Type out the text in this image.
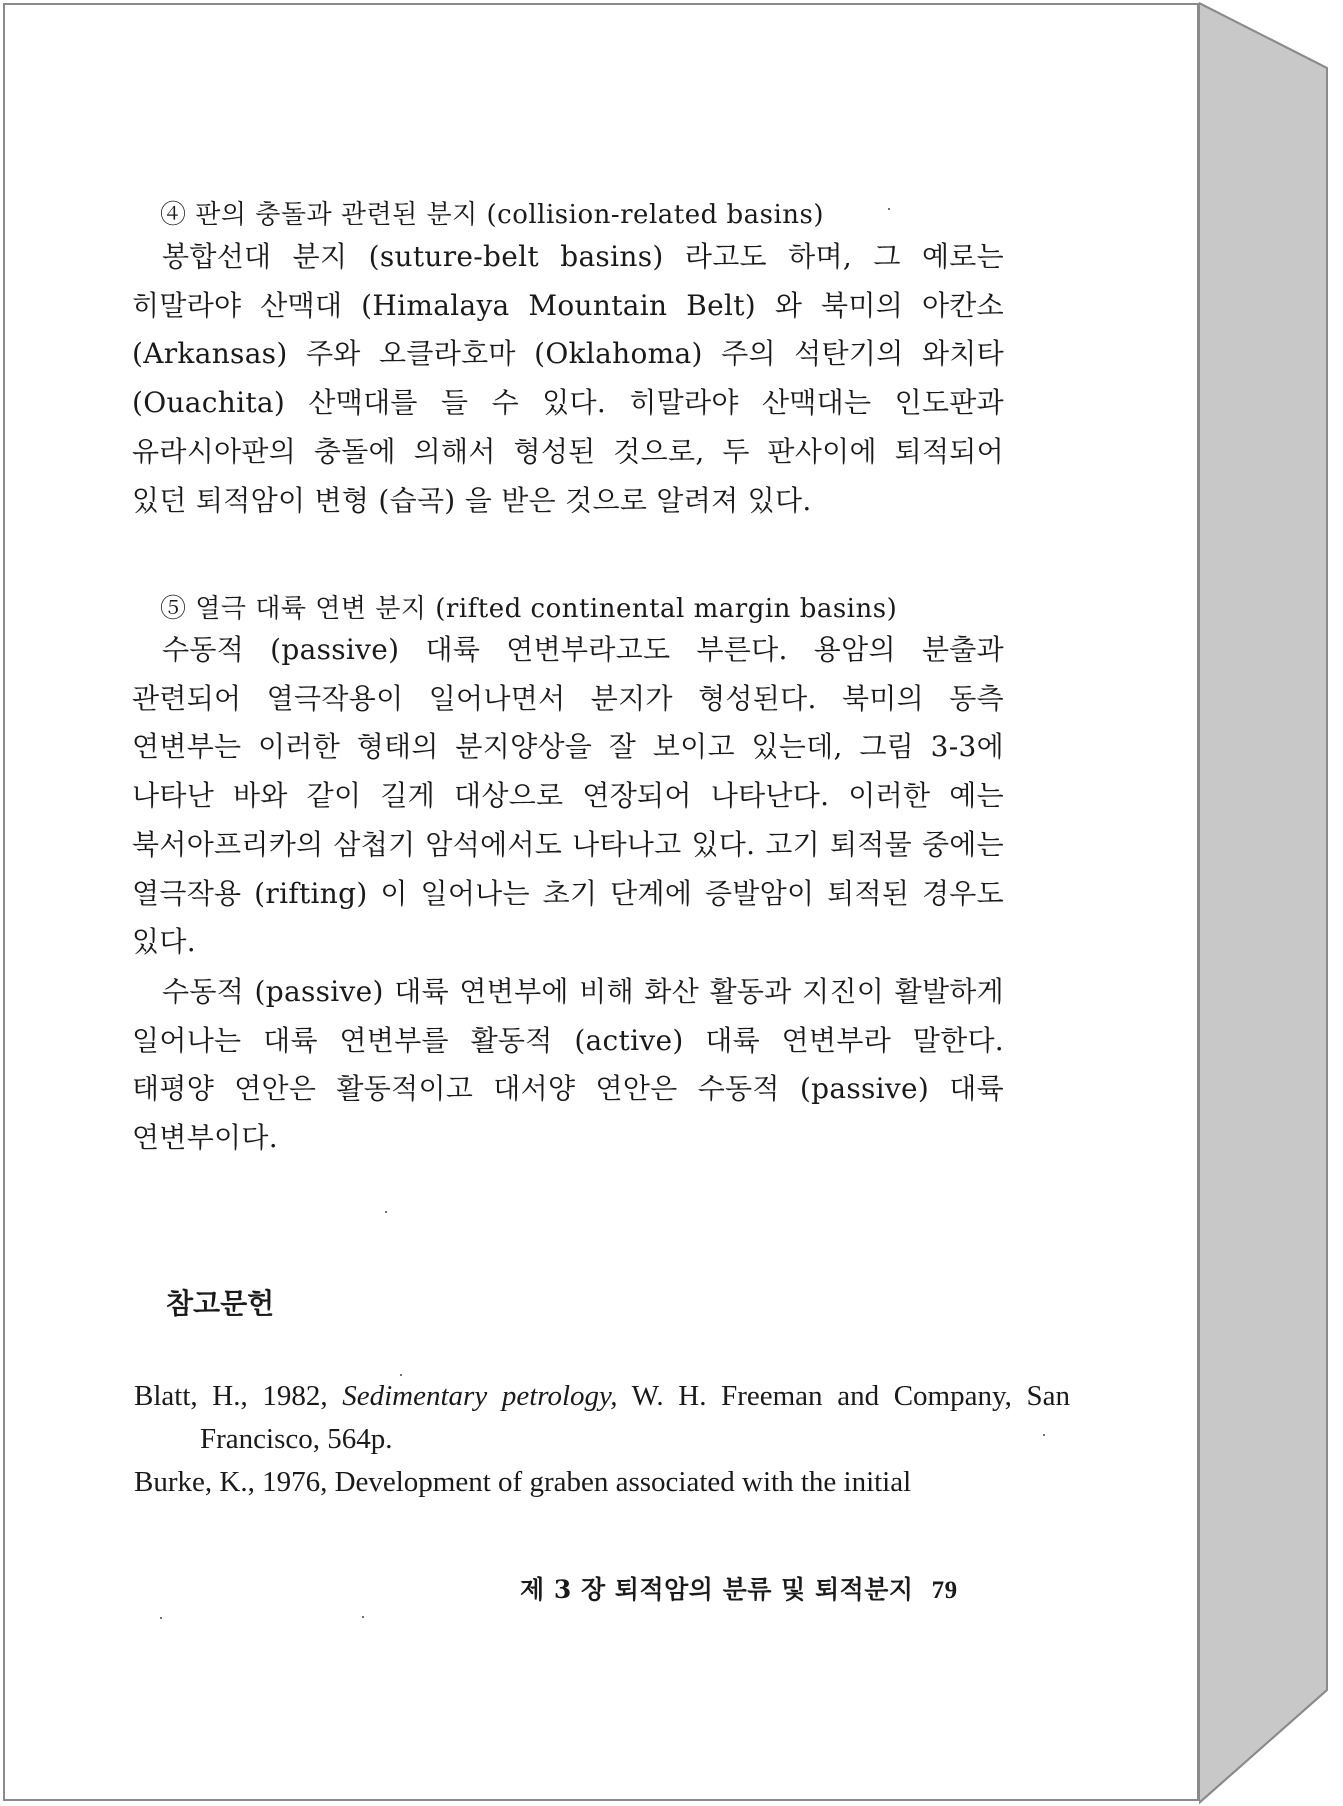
④ 판의 충돌과 관련된 분지 (collision-related basins)

봉합선대 분지 (suture-belt basins) 라고도 하며, 그 예로는 히말라야 산맥대 (Himalaya Mountain Belt) 와 북미의 아칸소 (Arkansas) 주와 오클라호마 (Oklahoma) 주의 석탄기의 와치타 (Ouachita) 산맥대를 들 수 있다. 히말라야 산맥대는 인도판과 유라시아판의 충돌에 의해서 형성된 것으로, 두 판사이에 퇴적되어 있던 퇴적암이 변형 (습곡) 을 받은 것으로 알려져 있다.

⑤ 열극 대륙 연변 분지 (rifted continental margin basins)

수동적 (passive) 대륙 연변부라고도 부른다. 용암의 분출과 관련되어 열극작용이 일어나면서 분지가 형성된다. 북미의 동측 연변부는 이러한 형태의 분지양상을 잘 보이고 있는데, 그림 3-3에 나타난 바와 같이 길게 대상으로 연장되어 나타난다. 이러한 예는 북서아프리카의 삼첩기 암석에서도 나타나고 있다. 고기 퇴적물 중에는 열극작용 (rifting) 이 일어나는 초기 단계에 증발암이 퇴적된 경우도 있다.

수동적 (passive) 대륙 연변부에 비해 화산 활동과 지진이 활발하게 일어나는 대륙 연변부를 활동적 (active) 대륙 연변부라 말한다. 태평양 연안은 활동적이고 대서양 연안은 수동적 (passive) 대륙 연변부이다.

참고문헌

Blatt, H., 1982, Sedimentary petrology, W. H. Freeman and Company, San Francisco, 564p.

Burke, K., 1976, Development of graben associated with the initial

제 3 장 퇴적암의 분류 및 퇴적분지 79
